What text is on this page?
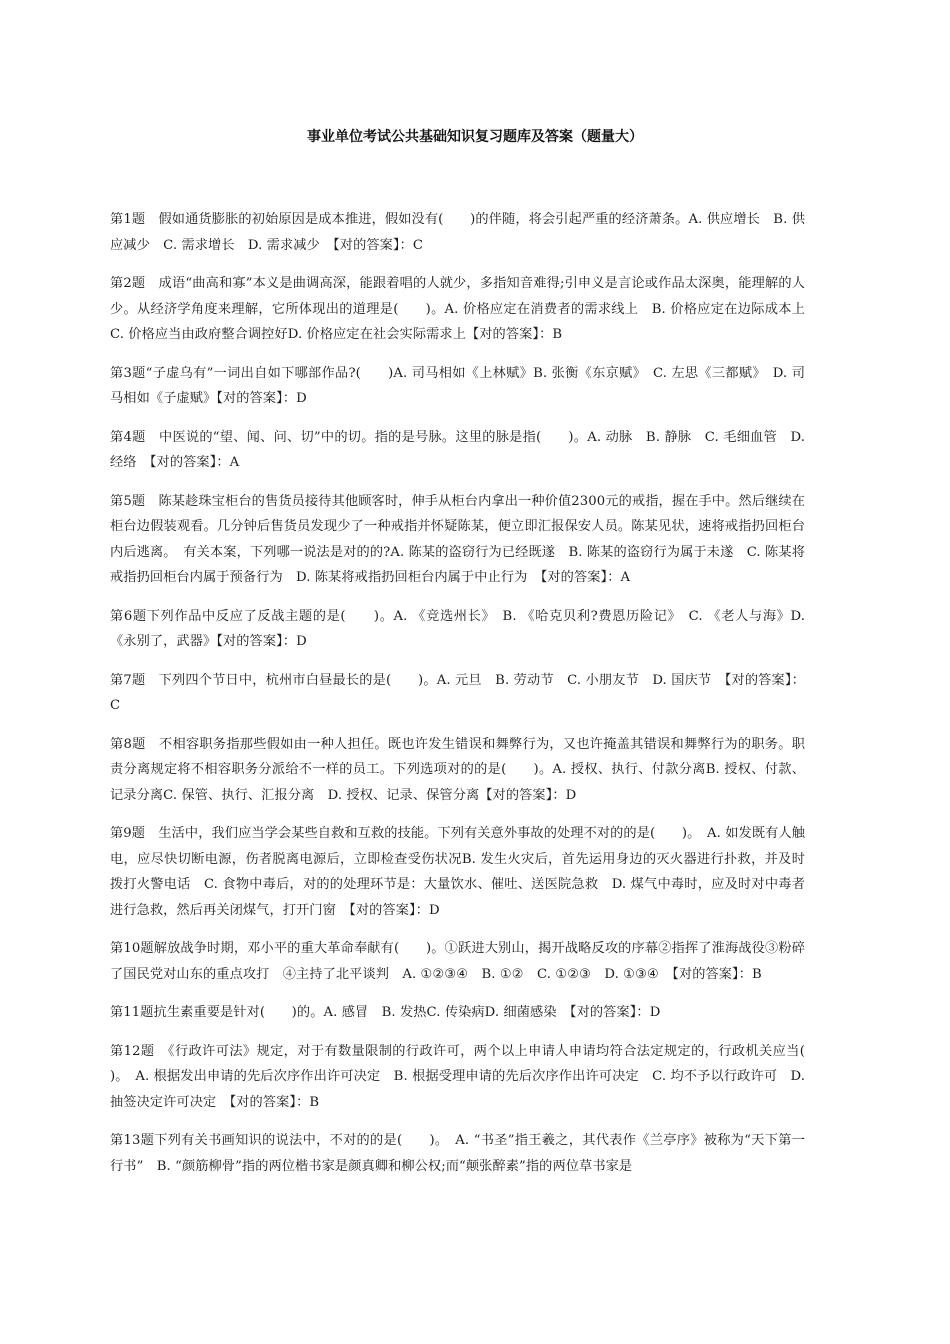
事业单位考试公共基础知识复习题库及答案（题量大）

第1题　假如通货膨胀的初始原因是成本推进，假如没有(　　)的伴随，将会引起严重的经济萧条。A. 供应增长　B. 供应减少　C. 需求增长　D. 需求减少　【对的答案】：C

第2题　成语“曲高和寡”本义是曲调高深，能跟着唱的人就少，多指知音难得;引申义是言论或作品太深奥，能理解的人少。从经济学角度来理解，它所体现出的道理是(　　)。A. 价格应定在消费者的需求线上　B. 价格应定在边际成本上C. 价格应当由政府整合调控好D. 价格应定在社会实际需求上【对的答案】：B

第3题“子虚乌有”一词出自如下哪部作品?(　　)A. 司马相如《上林赋》B. 张衡《东京赋》　C. 左思《三都赋》　D. 司马相如《子虚赋》【对的答案】：D

第4题　中医说的“望、闻、问、切”中的切。指的是号脉。这里的脉是指(　　)。A. 动脉　B. 静脉　C. 毛细血管　D. 经络　【对的答案】：A

第5题　陈某趁珠宝柜台的售货员接待其他顾客时，伸手从柜台内拿出一种价值2300元的戒指，握在手中。然后继续在柜台边假装观看。几分钟后售货员发现少了一种戒指并怀疑陈某，便立即汇报保安人员。陈某见状，速将戒指扔回柜台内后逃离。　有关本案，下列哪一说法是对的的?A. 陈某的盗窃行为已经既遂　B. 陈某的盗窃行为属于未遂　C. 陈某将戒指扔回柜台内属于预备行为　D. 陈某将戒指扔回柜台内属于中止行为　【对的答案】：A

第6题下列作品中反应了反战主题的是(　　)。A. 《竞选州长》　B. 《哈克贝利?费恩历险记》　C. 《老人与海》D. 《永别了，武器》【对的答案】：D

第7题　下列四个节日中，杭州市白昼最长的是(　　)。A. 元旦　B. 劳动节　C. 小朋友节　D. 国庆节　【对的答案】：C

第8题　不相容职务指那些假如由一种人担任。既也许发生错误和舞弊行为，又也许掩盖其错误和舞弊行为的职务。职责分离规定将不相容职务分派给不一样的员工。下列选项对的的是(　　)。A. 授权、执行、付款分离B. 授权、付款、记录分离C. 保管、执行、汇报分离　D. 授权、记录、保管分离【对的答案】：D

第9题　生活中，我们应当学会某些自救和互救的技能。下列有关意外事故的处理不对的的是(　　)。　A. 如发既有人触电，应尽快切断电源，伤者脱离电源后，立即检查受伤状况B. 发生火灾后，首先运用身边的灭火器进行扑救，并及时拨打火警电话　C. 食物中毒后，对的的处理环节是：大量饮水、催吐、送医院急救　D. 煤气中毒时，应及时对中毒者进行急救，然后再关闭煤气，打开门窗　【对的答案】：D

第10题解放战争时期，邓小平的重大革命奉献有(　　)。①跃进大别山，揭开战略反攻的序幕②指挥了淮海战役③粉碎了国民党对山东的重点攻打　④主持了北平谈判　A. ①②③④　B. ①②　C. ①②③　D. ①③④　【对的答案】：B

第11题抗生素重要是针对(　　)的。A. 感冒　B. 发热C. 传染病D. 细菌感染　【对的答案】：D

第12题　《行政许可法》规定，对于有数量限制的行政许可，两个以上申请人申请均符合法定规定的，行政机关应当(　　)。　A. 根据发出申请的先后次序作出许可决定　B. 根据受理申请的先后次序作出许可决定　C. 均不予以行政许可　D. 抽签决定许可决定　【对的答案】：B

第13题下列有关书画知识的说法中，不对的的是(　　)。　A. “书圣”指王羲之，其代表作《兰亭序》被称为“天下第一行书”　B. “颜筋柳骨”指的两位楷书家是颜真卿和柳公权;而“颠张醉素”指的两位草书家是
